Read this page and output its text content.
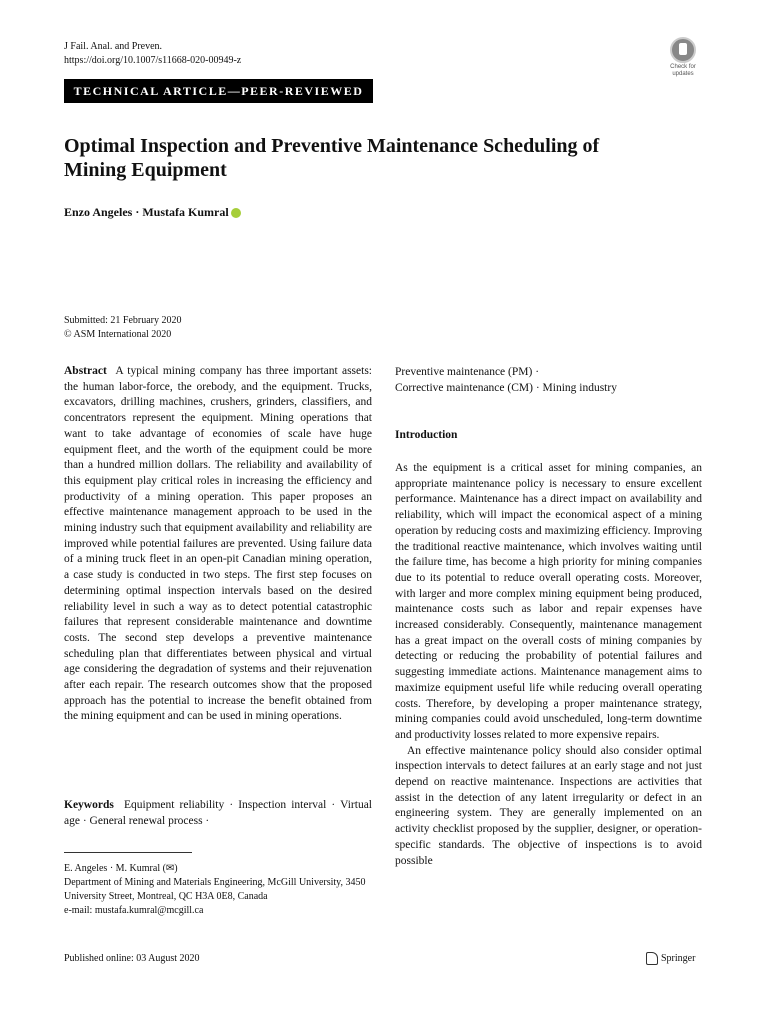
J Fail. Anal. and Preven.
https://doi.org/10.1007/s11668-020-00949-z
TECHNICAL ARTICLE—PEER-REVIEWED
Check for
updates
Optimal Inspection and Preventive Maintenance Scheduling of Mining Equipment
Enzo Angeles · Mustafa Kumral
Submitted: 21 February 2020
© ASM International 2020
Abstract A typical mining company has three important assets: the human labor-force, the orebody, and the equipment. Trucks, excavators, drilling machines, crushers, grinders, classifiers, and concentrators represent the equipment. Mining operations that want to take advantage of economies of scale have huge equipment fleet, and the worth of the equipment could be more than a hundred million dollars. The reliability and availability of this equipment play critical roles in increasing the efficiency and productivity of a mining operation. This paper proposes an effective maintenance management approach to be used in the mining industry such that equipment availability and reliability are improved while potential failures are prevented. Using failure data of a mining truck fleet in an open-pit Canadian mining operation, a case study is conducted in two steps. The first step focuses on determining optimal inspection intervals based on the desired reliability level in such a way as to detect potential catastrophic failures that represent considerable maintenance and downtime costs. The second step develops a preventive maintenance scheduling plan that differentiates between physical and virtual age considering the degradation of systems and their rejuvenation after each repair. The research outcomes show that the proposed approach has the potential to increase the benefit obtained from the mining equipment and can be used in mining operations.
Keywords Equipment reliability · Inspection interval · Virtual age · General renewal process ·
E. Angeles · M. Kumral (✉)
Department of Mining and Materials Engineering, McGill University, 3450 University Street, Montreal, QC H3A 0E8, Canada
e-mail: mustafa.kumral@mcgill.ca
Preventive maintenance (PM) ·
Corrective maintenance (CM) · Mining industry
Introduction

As the equipment is a critical asset for mining companies, an appropriate maintenance policy is necessary to ensure excellent performance. Maintenance has a direct impact on availability and reliability, which will impact the economical aspect of a mining operation by reducing costs and maximizing efficiency. Improving the traditional reactive maintenance, which involves waiting until the failure time, has become a high priority for mining companies due to its potential to reduce overall operating costs. Moreover, with larger and more complex mining equipment being produced, maintenance costs such as labor and repair expenses have increased considerably. Consequently, maintenance management has a great impact on the overall costs of mining companies by detecting or reducing the probability of potential failures and suggesting immediate actions. Maintenance management aims to maximize equipment useful life while reducing overall operating costs. Therefore, by developing a proper maintenance strategy, mining companies could avoid unscheduled, long-term downtime and productivity losses related to more expensive repairs.

An effective maintenance policy should also consider optimal inspection intervals to detect failures at an early stage and not just depend on reactive maintenance. Inspections are activities that assist in the detection of any latent irregularity or defect in an engineering system. They are generally implemented on an activity checklist proposed by the supplier, designer, or operation-specific standards. The objective of inspections is to avoid possible

Published online: 03 August 2020	Springer
